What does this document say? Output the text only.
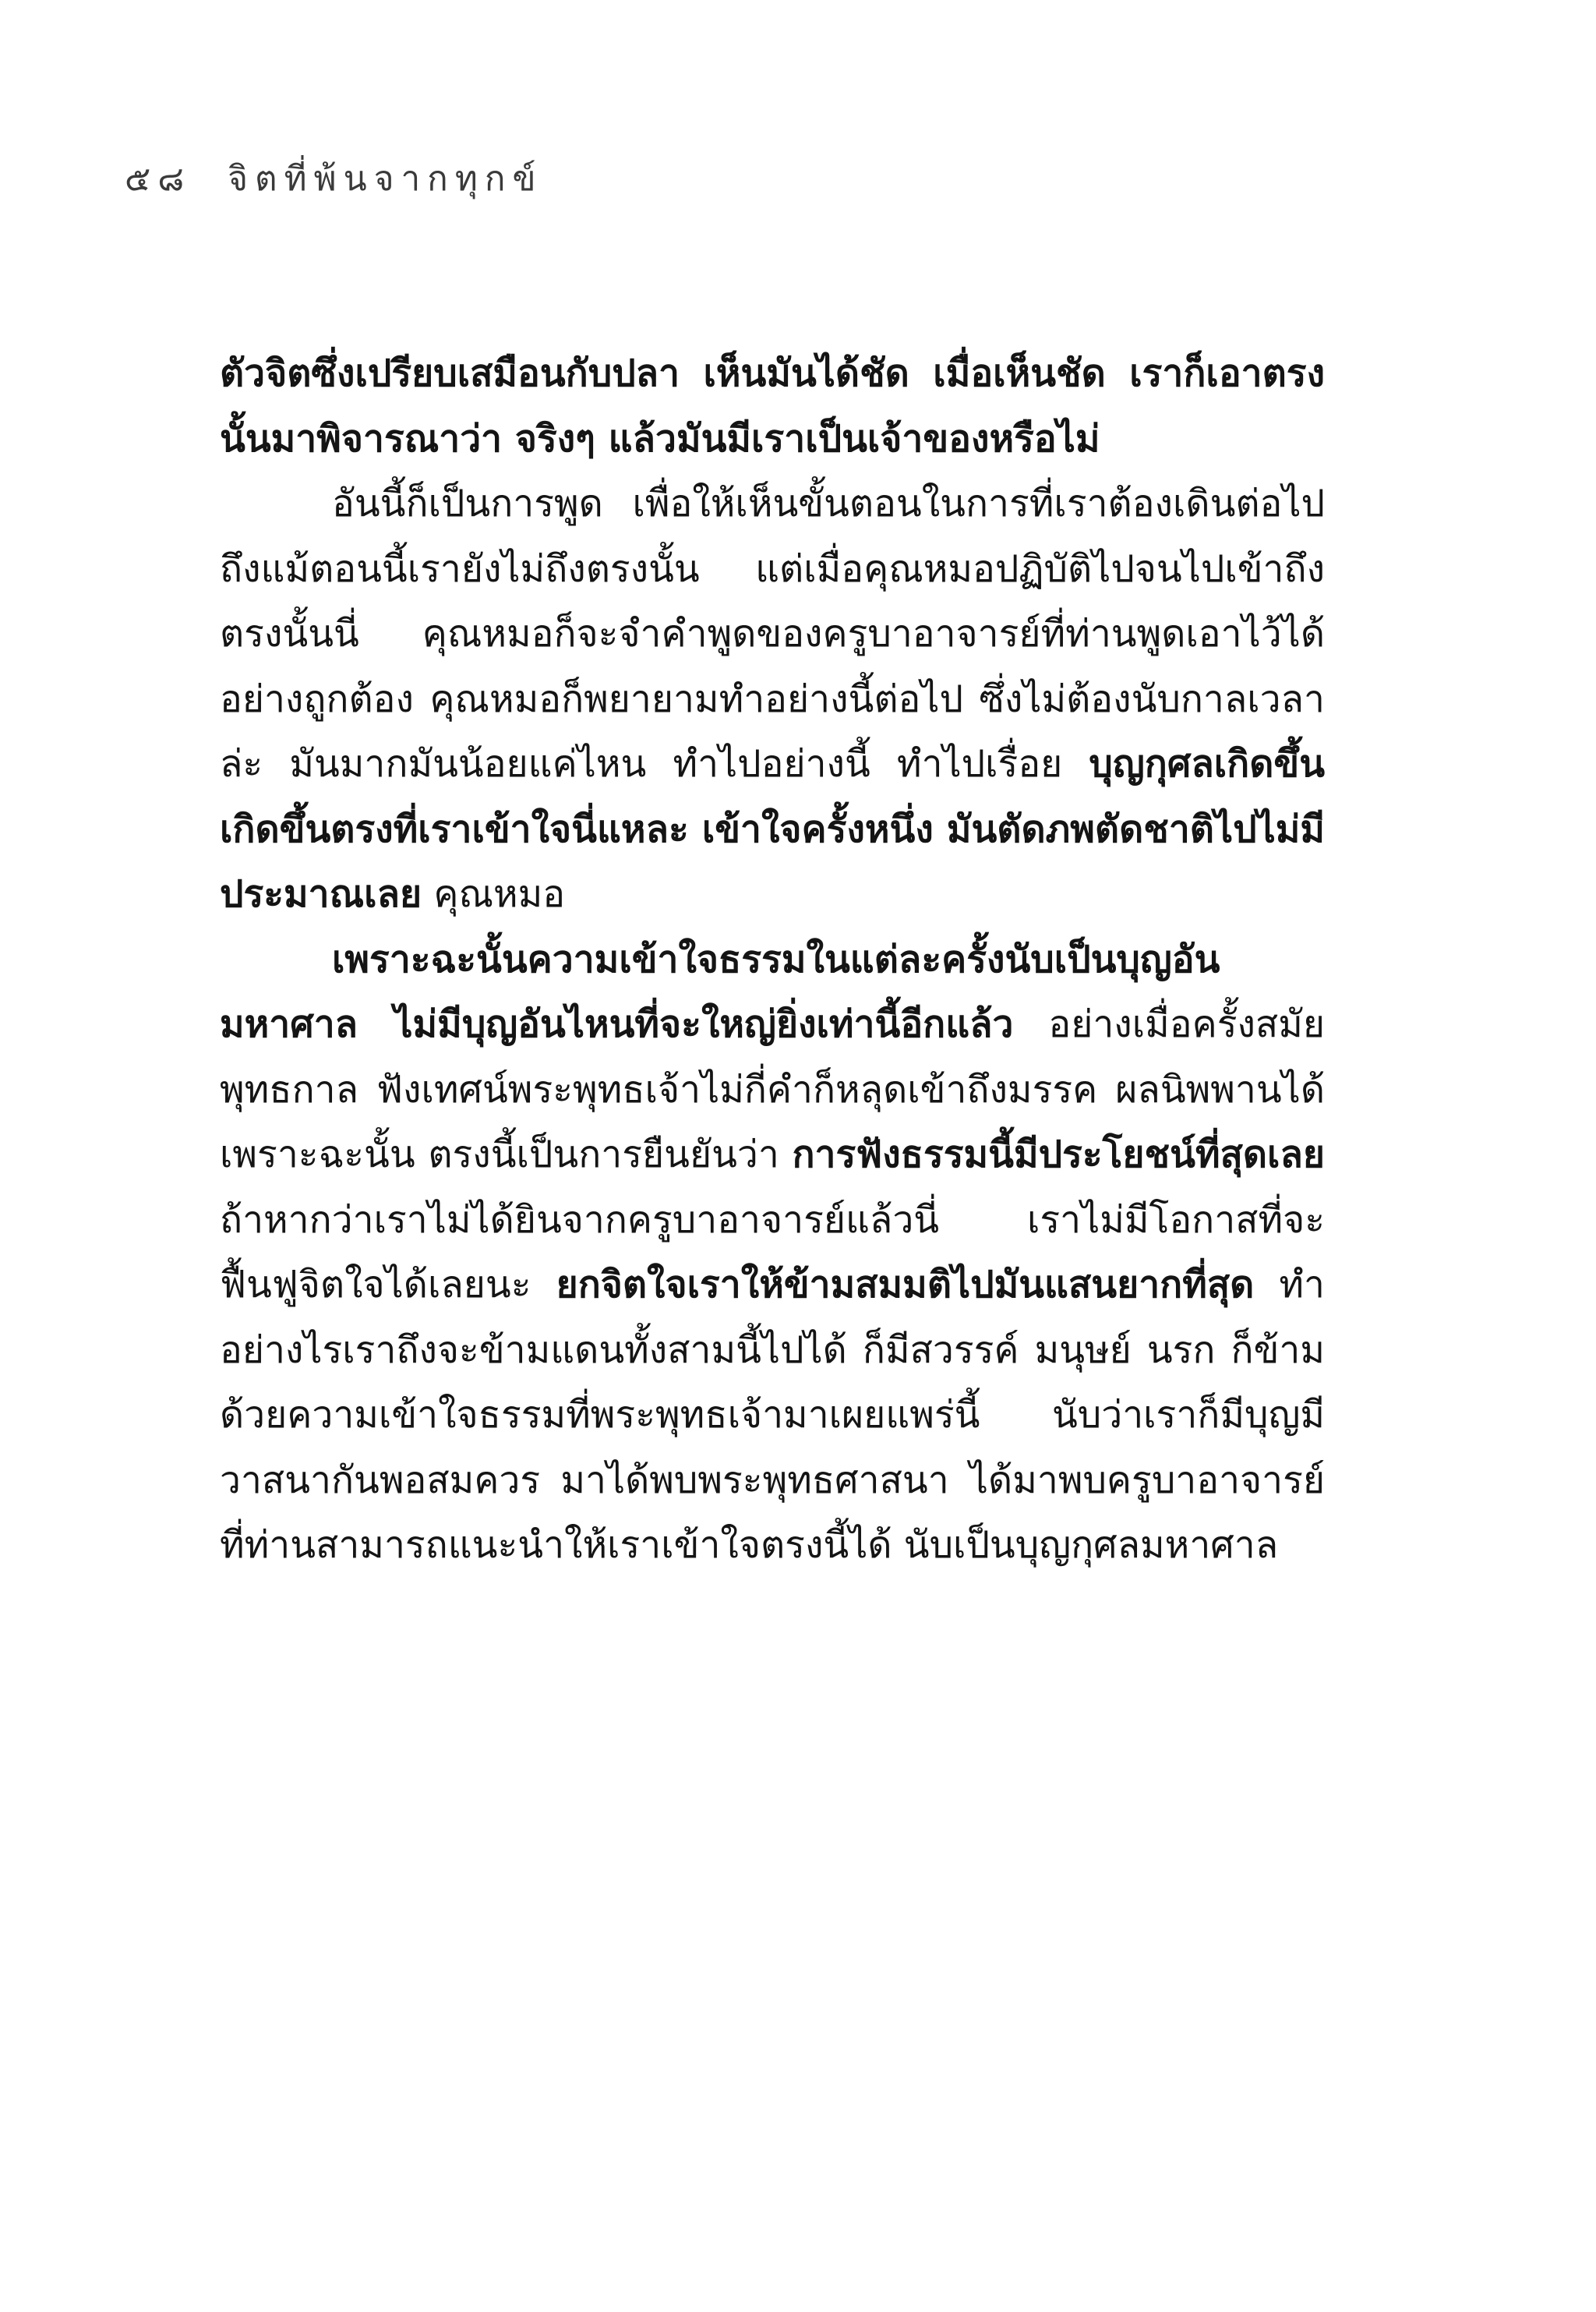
๕๘ จิตที่พ้นจากทุกข์

ตัวจิตซึ่งเปรียบเสมือนกับปลา เห็นมันได้ชัด เมื่อเห็นชัด เราก็เอาตรงนั้นมาพิจารณาว่า จริงๆ แล้วมันมีเราเป็นเจ้าของหรือไม่

อันนี้ก็เป็นการพูด เพื่อให้เห็นขั้นตอนในการที่เราต้องเดินต่อไป ถึงแม้ตอนนี้เรายังไม่ถึงตรงนั้น แต่เมื่อคุณหมอปฏิบัติไปจนไปเข้าถึงตรงนั้นนี่ คุณหมอก็จะจำคำพูดของครูบาอาจารย์ที่ท่านพูดเอาไว้ได้อย่างถูกต้อง คุณหมอก็พยายามทำอย่างนี้ต่อไป ซึ่งไม่ต้องนับกาลเวลาล่ะ มันมากมันน้อยแค่ไหน ทำไปอย่างนี้ ทำไปเรื่อย บุญกุศลเกิดขึ้น เกิดขึ้นตรงที่เราเข้าใจนี่แหละ เข้าใจครั้งหนึ่ง มันตัดภพตัดชาติไปไม่มีประมาณเลย คุณหมอ

เพราะฉะนั้นความเข้าใจธรรมในแต่ละครั้งนับเป็นบุญอันมหาศาล ไม่มีบุญอันไหนที่จะใหญ่ยิ่งเท่านี้อีกแล้ว อย่างเมื่อครั้งสมัยพุทธกาล ฟังเทศน์พระพุทธเจ้าไม่กี่คำก็หลุดเข้าถึงมรรค ผลนิพพานได้ เพราะฉะนั้น ตรงนี้เป็นการยืนยันว่า การฟังธรรมนี้มีประโยชน์ที่สุดเลย ถ้าหากว่าเราไม่ได้ยินจากครูบาอาจารย์แล้วนี่ เราไม่มีโอกาสที่จะฟื้นฟูจิตใจได้เลยนะ ยกจิตใจเราให้ข้ามสมมติไปมันแสนยากที่สุด ทำอย่างไรเราถึงจะข้ามแดนทั้งสามนี้ไปได้ ก็มีสวรรค์ มนุษย์ นรก ก็ข้ามด้วยความเข้าใจธรรมที่พระพุทธเจ้ามาเผยแพร่นี้ นับว่าเราก็มีบุญมีวาสนากันพอสมควร มาได้พบพระพุทธศาสนา ได้มาพบครูบาอาจารย์ที่ท่านสามารถแนะนำให้เราเข้าใจตรงนี้ได้ นับเป็นบุญกุศลมหาศาล
